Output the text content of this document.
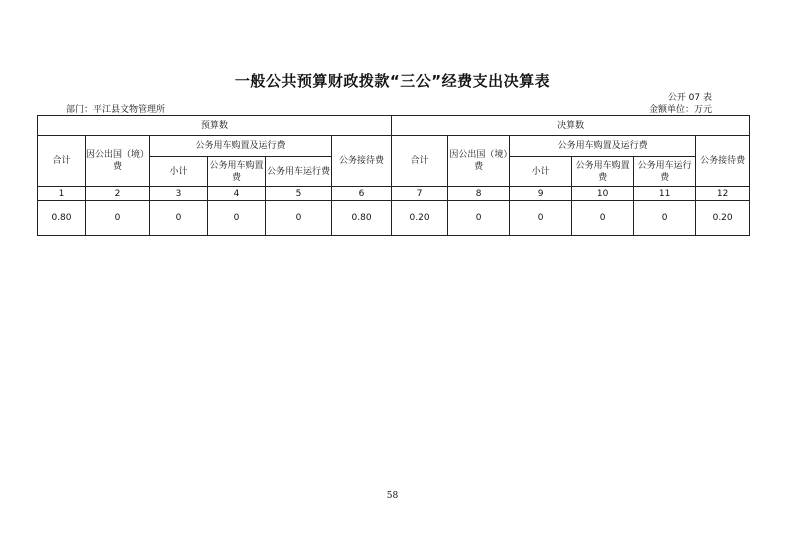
一般公共预算财政拨款“三公”经费支出决算表
公开 07 表
部门：平江县文物管理所	金额单位：万元
预算数						决算数					
合计	因公出国（境）费	公务用车购置及运行费			公务接待费	合计	因公出国（境）费	公务用车购置及运行费			公务接待费
		小计	公务用车购置费	公务用车运行费				小计	公务用车购置费	公务用车运行费	
1	2	3	4	5	6	7	8	9	10	11	12
0.80	0	0	0	0	0.80	0.20	0	0	0	0	0.20
58
